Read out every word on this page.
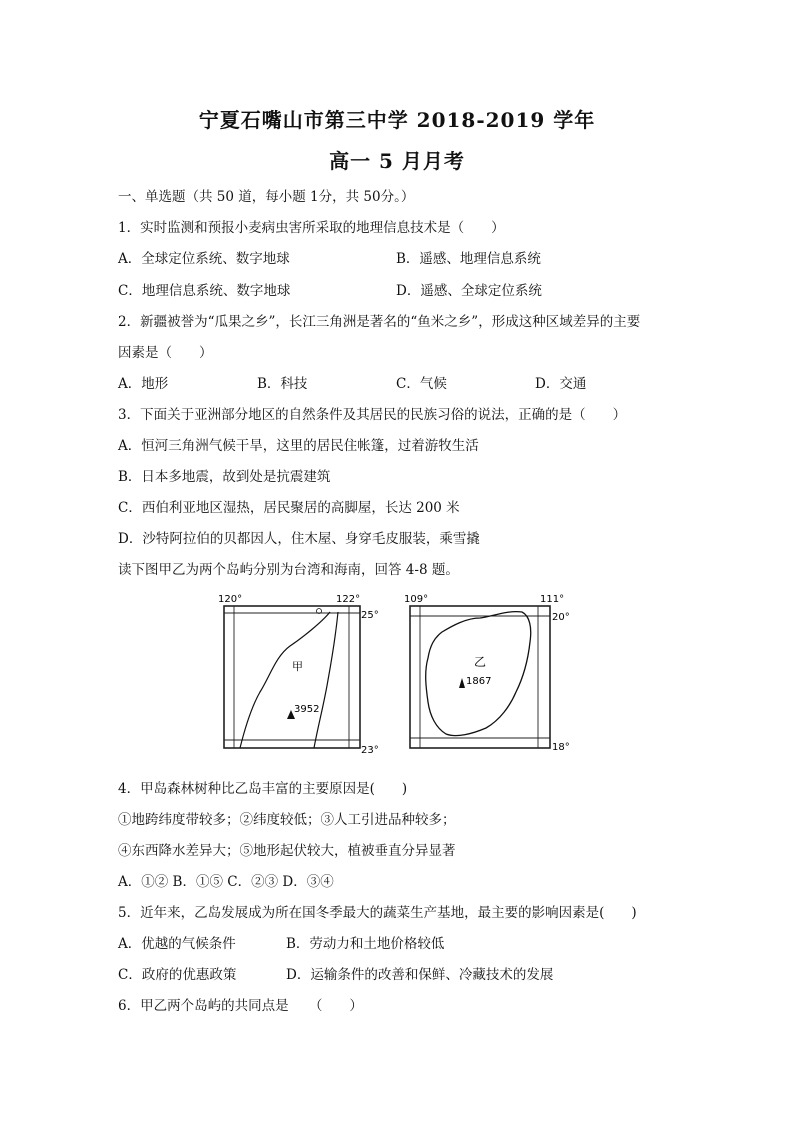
宁夏石嘴山市第三中学 2018-2019 学年
高一 5 月月考
一、单选题（共 50 道，每小题 1分，共 50分。）
1．实时监测和预报小麦病虫害所采取的地理信息技术是（　　）
A．全球定位系统、数字地球	B．遥感、地理信息系统
C．地理信息系统、数字地球	D．遥感、全球定位系统
2．新疆被誉为“瓜果之乡”，长江三角洲是著名的“鱼米之乡”，形成这种区域差异的主要
因素是（　　）
A．地形	B．科技	C．气候	D．交通
3．下面关于亚洲部分地区的自然条件及其居民的民族习俗的说法，正确的是（　　）
A．恒河三角洲气候干旱，这里的居民住帐篷，过着游牧生活
B．日本多地震，故到处是抗震建筑
C．西伯利亚地区湿热，居民聚居的高脚屋，长达 200 米
D．沙特阿拉伯的贝都因人，住木屋、身穿毛皮服装，乘雪撬
读下图甲乙为两个岛屿分别为台湾和海南，回答 4-8 题。
120°	122°
25°
23°
甲
3952
109°	111°
20°
18°
乙
1867
4．甲岛森林树种比乙岛丰富的主要原因是(　　)
①地跨纬度带较多；②纬度较低；③人工引进品种较多；
④东西降水差异大；⑤地形起伏较大，植被垂直分异显著
A．①② B．①⑤ C．②③ D．③④
5．近年来，乙岛发展成为所在国冬季最大的蔬菜生产基地，最主要的影响因素是(　　)
A．优越的气候条件	B．劳动力和土地价格较低
C．政府的优惠政策	D．运输条件的改善和保鲜、冷藏技术的发展
6．甲乙两个岛屿的共同点是　　（　　）
